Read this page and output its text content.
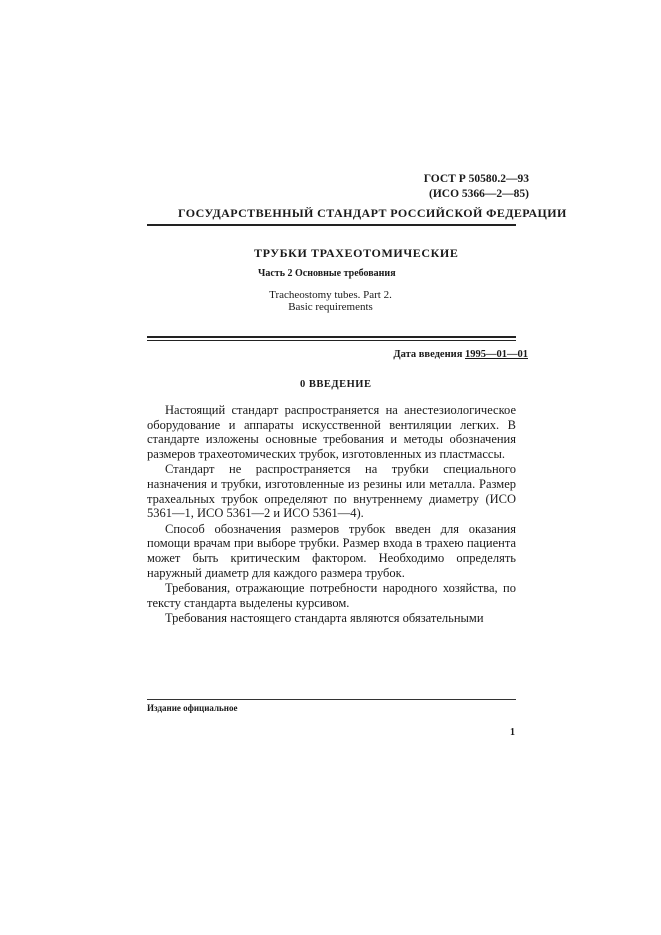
ГОСТ Р 50580.2—93
(ИСО 5366—2—85)
ГОСУДАРСТВЕННЫЙ СТАНДАРТ РОССИЙСКОЙ ФЕДЕРАЦИИ
ТРУБКИ ТРАХЕОТОМИЧЕСКИЕ
Часть 2 Основные требования
Tracheostomy tubes. Part 2.
Basic requirements
Дата введения 1995—01—01
0 ВВЕДЕНИЕ

Настоящий стандарт распространяется на анестезиологическое оборудование и аппараты искусственной вентиляции легких. В стандарте изложены основные требования и методы обозначения размеров трахеотомических трубок, изготовленных из пластмассы.

Стандарт не распространяется на трубки специального назначения и трубки, изготовленные из резины или металла. Размер трахеальных трубок определяют по внутреннему диаметру (ИСО 5361—1, ИСО 5361—2 и ИСО 5361—4).

Способ обозначения размеров трубок введен для оказания помощи врачам при выборе трубки. Размер входа в трахею пациента может быть критическим фактором. Необходимо определять наружный диаметр для каждого размера трубок.

Требования, отражающие потребности народного хозяйства, по тексту стандарта выделены курсивом.

Требования настоящего стандарта являются обязательными

Издание официальное
1
